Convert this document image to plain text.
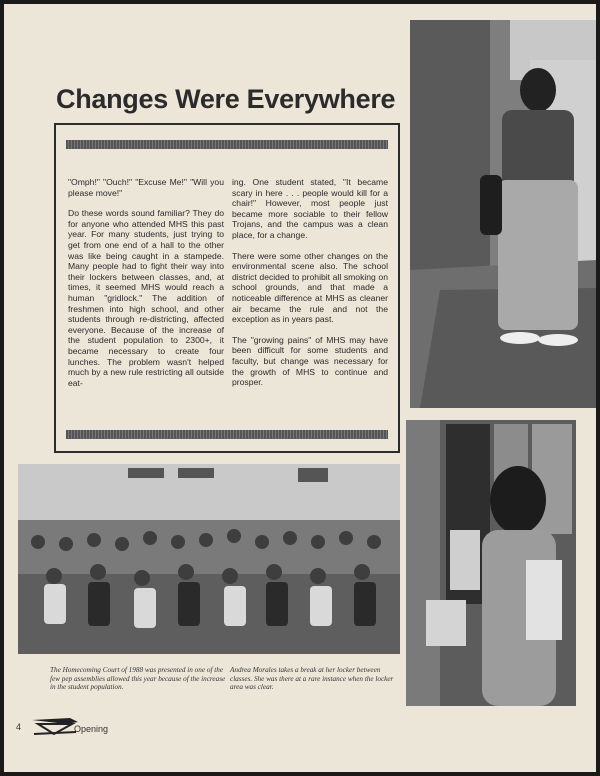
Changes Were Everywhere

"Omph!" "Ouch!" "Excuse Me!" "Will you please move!"

Do these words sound familiar? They do for anyone who attended MHS this past year. For many students, just trying to get from one end of a hall to the other was like being caught in a stampede. Many people had to fight their way into their lockers between classes, and, at times, it seemed MHS would reach a human "gridlock." The addition of freshmen into high school, and other students through re-districting, affected everyone. Because of the increase of the student population to 2300+, it became necessary to create four lunches. The problem wasn't helped much by a new rule restricting all outside eat-

ing. One student stated, "It became scary in here . . . people would kill for a chair!" However, most people just became more sociable to their fellow Trojans, and the campus was a clean place, for a change.

There were some other changes on the environmental scene also. The school district decided to prohibit all smoking on school grounds, and that made a noticeable difference at MHS as cleaner air became the rule and not the exception as in years past.

The "growing pains" of MHS may have been difficult for some students and faculty, but change was necessary for the growth of MHS to continue and prosper.

The Homecoming Court of 1988 was presented in one of the few pep assemblies allowed this year because of the increase in the student population.
Andrea Morales takes a break at her locker between classes. She was there at a rare instance when the locker area was clear.
4	Opening
